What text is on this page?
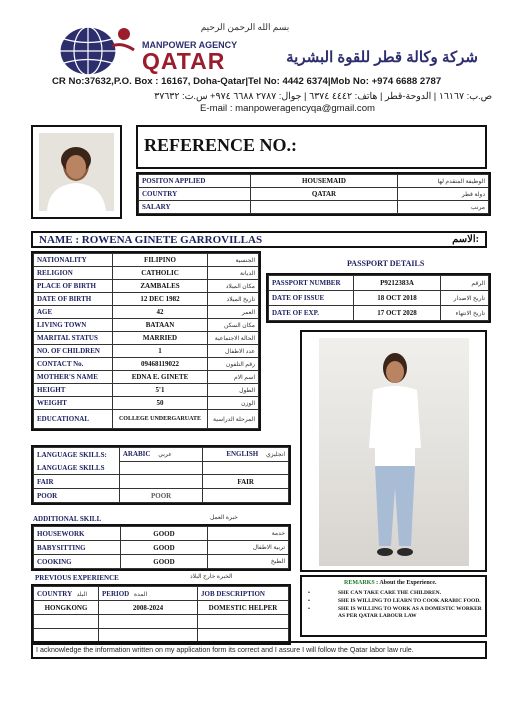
بسم الله الرحمن الرحيم
MANPOWER AGENCY
QATAR	شركة وكالة قطر للقوة البشرية
CR No:37632,P.O. Box : 16167, Doha-Qatar|Tel No: 4442 6374|Mob No: +974 6688 2787
ص.ب: ١٦١٦٧ | الدوحة-قطر | هاتف: ٤٤٤٢ ٦٣٧٤ | جوال: ٢٧٨٧ ٦٦٨٨ ٩٧٤+ س.ت: ٣٧٦٣٢
E-mail : manpoweragencyqa@gmail.com
REFERENCE NO.:
POSITON APPLIED	HOUSEMAID	الوظيفة المتقدم لها
COUNTRY	QATAR	دولة قطر
SALARY		مرتب
NAME : ROWENA GINETE GARROVILLAS	الاسم:
NATIONALITY	FILIPINO	الجنسية
RELIGION	CATHOLIC	الديانة
PLACE OF BIRTH	ZAMBALES	مكان الميلاد
DATE OF BIRTH	12 DEC 1982	تاريخ الميلاد
AGE	42	العمر
LIVING TOWN	BATAAN	مكان السكن
MARITAL STATUS	MARRIED	الحالة الاجتماعية
NO. OF CHILDREN	1	عدد الاطفال
CONTACT No.	09468119022	رقم التلفون
MOTHER'S NAME	EDNA E. GINETE	اسم الام
HEIGHT	5'1	الطول
WEIGHT	50	الوزن
EDUCATIONAL	COLLEGE UNDERGARUATE	المرحلة الدراسية
PASSPORT DETAILS
PASSPORT NUMBER	P9212383A	الرقم
DATE OF ISSUE	18 OCT 2018	تاريخ الاصدار
DATE OF EXP.	17 OCT 2028	تاريخ الانتهاء
LANGUAGE SKILLS:	ARABIC عربي	ENGLISH انجليزي
LANGUAGE SKILLS		
FAIR		FAIR
POOR	POOR	
ADDITIONAL SKILL	خبرة العمل
HOUSEWORK	GOOD	خدمة
BABYSITTING	GOOD	تربية الاطفال
COOKING	GOOD	الطبخ
PREVIOUS EXPERIENCE	الخبرة خارج البلاد
COUNTRY البلد	PERIOD المدة	JOB DESCRIPTION
HONGKONG	2008-2024	DOMESTIC HELPER

REMARKS : About the Experience.
•	SHE CAN TAKE CARE THE CHILDREN.
•	SHE IS WILLING TO LEARN TO COOK ARABIC FOOD.
•	SHE IS WILLING TO WORK AS A DOMESTIC WORKER AS PER QATAR LABOUR LAW
I acknowledge the information written on my application form its correct and I assure I will follow the Qatar labor law rule.
